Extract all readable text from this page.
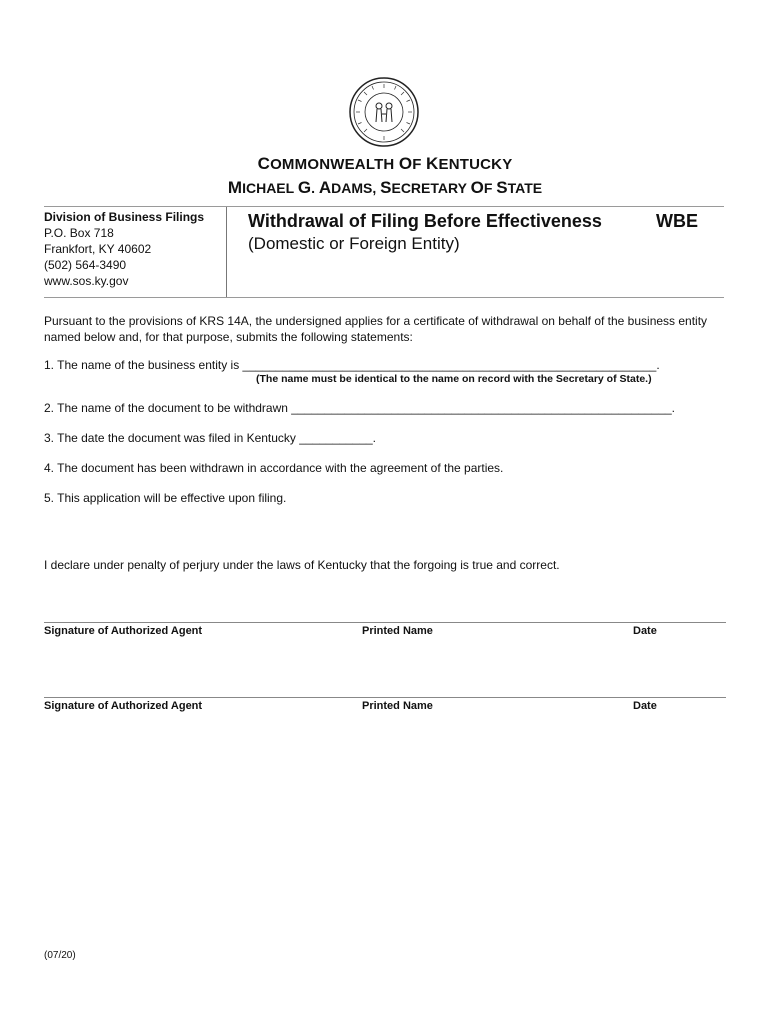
COMMONWEALTH OF KENTUCKY
MICHAEL G. ADAMS, SECRETARY OF STATE
Division of Business Filings
P.O. Box 718
Frankfort, KY 40602
(502) 564-3490
www.sos.ky.gov
Withdrawal of Filing Before Effectiveness
(Domestic or Foreign Entity)
WBE
Pursuant to the provisions of KRS 14A, the undersigned applies for a certificate of withdrawal on behalf of the business entity named below and, for that purpose, submits the following statements:
1. The name of the business entity is ______________________________________________________________.
(The name must be identical to the name on record with the Secretary of State.)
2. The name of the document to be withdrawn _________________________________________________________.
3. The date the document was filed in Kentucky ___________.
4. The document has been withdrawn in accordance with the agreement of the parties.
5. This application will be effective upon filing.
I declare under penalty of perjury under the laws of Kentucky that the forgoing is true and correct.
Signature of Authorized Agent	Printed Name	Date
Signature of Authorized Agent	Printed Name	Date
(07/20)
